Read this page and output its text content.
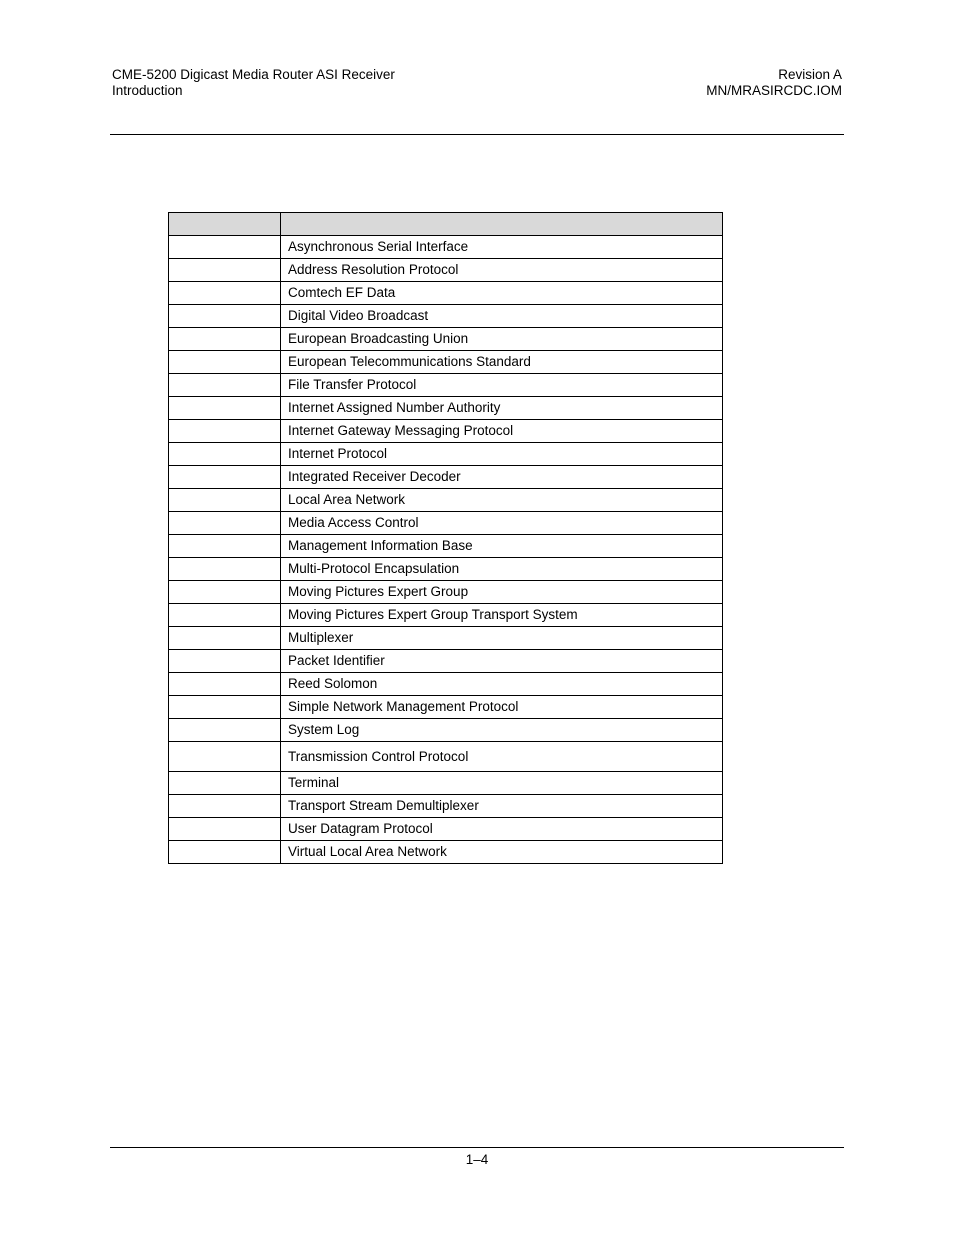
CME-5200 Digicast Media Router ASI Receiver
Introduction
Revision A
MN/MRASIRCDC.IOM

	Asynchronous Serial Interface
	Address Resolution Protocol
	Comtech EF Data
	Digital Video Broadcast
	European Broadcasting Union
	European Telecommunications Standard
	File Transfer Protocol
	Internet Assigned Number Authority
	Internet Gateway Messaging Protocol
	Internet Protocol
	Integrated Receiver Decoder
	Local Area Network
	Media Access Control
	Management Information Base
	Multi-Protocol Encapsulation
	Moving Pictures Expert Group
	Moving Pictures Expert Group Transport System
	Multiplexer
	Packet Identifier
	Reed Solomon
	Simple Network Management Protocol
	System Log
	Transmission Control Protocol
	Terminal
	Transport Stream Demultiplexer
	User Datagram Protocol
	Virtual Local Area Network
1–4
